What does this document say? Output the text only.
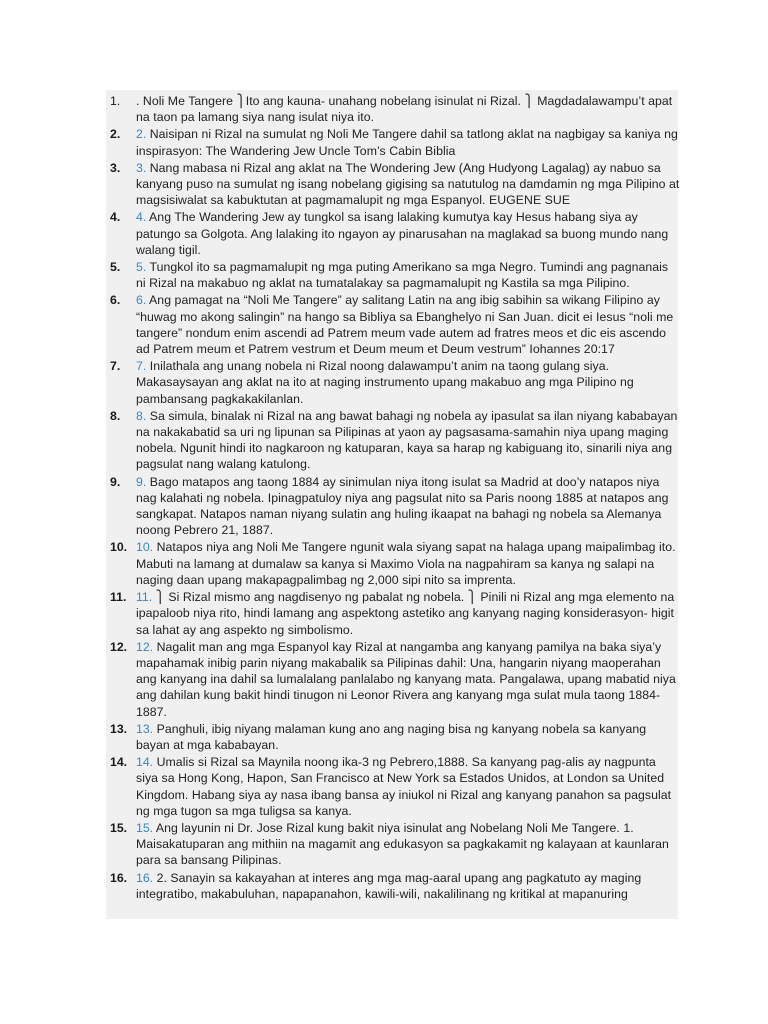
1.	. Noli Me Tangere ⎫Ito ang kauna- unahang nobelang isinulat ni Rizal. ⎫ Magdadalawampu’t apat na taon pa lamang siya nang isulat niya ito.
2.	2. Naisipan ni Rizal na sumulat ng Noli Me Tangere dahil sa tatlong aklat na nagbigay sa kaniya ng inspirasyon: The Wandering Jew Uncle Tom’s Cabin Biblia
3.	3. Nang mabasa ni Rizal ang aklat na The Wondering Jew (Ang Hudyong Lagalag) ay nabuo sa kanyang puso na sumulat ng isang nobelang gigising sa natutulog na damdamin ng mga Pilipino at magsisiwalat sa kabuktutan at pagmamalupit ng mga Espanyol. EUGENE SUE
4.	4. Ang The Wandering Jew ay tungkol sa isang lalaking kumutya kay Hesus habang siya ay patungo sa Golgota. Ang lalaking ito ngayon ay pinarusahan na maglakad sa buong mundo nang walang tigil.
5.	5. Tungkol ito sa pagmamalupit ng mga puting Amerikano sa mga Negro. Tumindi ang pagnanais ni Rizal na makabuo ng aklat na tumatalakay sa pagmamalupit ng Kastila sa mga Pilipino.
6.	6. Ang pamagat na “Noli Me Tangere” ay salitang Latin na ang ibig sabihin sa wikang Filipino ay “huwag mo akong salingin” na hango sa Bibliya sa Ebanghelyo ni San Juan. dicit ei Iesus “noli me tangere” nondum enim ascendi ad Patrem meum vade autem ad fratres meos et dic eis ascendo ad Patrem meum et Patrem vestrum et Deum meum et Deum vestrum” Iohannes 20:17
7.	7. Inilathala ang unang nobela ni Rizal noong dalawampu’t anim na taong gulang siya. Makasaysayan ang aklat na ito at naging instrumento upang makabuo ang mga Pilipino ng pambansang pagkakakilanlan.
8.	8. Sa simula, binalak ni Rizal na ang bawat bahagi ng nobela ay ipasulat sa ilan niyang kababayan na nakakabatid sa uri ng lipunan sa Pilipinas at yaon ay pagsasama-samahin niya upang maging nobela. Ngunit hindi ito nagkaroon ng katuparan, kaya sa harap ng kabiguang ito, sinarili niya ang pagsulat nang walang katulong.
9.	9. Bago matapos ang taong 1884 ay sinimulan niya itong isulat sa Madrid at doo’y natapos niya nag kalahati ng nobela. Ipinagpatuloy niya ang pagsulat nito sa Paris noong 1885 at natapos ang sangkapat. Natapos naman niyang sulatin ang huling ikaapat na bahagi ng nobela sa Alemanya noong Pebrero 21, 1887.
10. 10. Natapos niya ang Noli Me Tangere ngunit wala siyang sapat na halaga upang maipalimbag ito. Mabuti na lamang at dumalaw sa kanya si Maximo Viola na nagpahiram sa kanya ng salapi na naging daan upang makapagpalimbag ng 2,000 sipi nito sa imprenta.
11. 11. ⎫ Si Rizal mismo ang nagdisenyo ng pabalat ng nobela. ⎫ Pinili ni Rizal ang mga elemento na ipapaloob niya rito, hindi lamang ang aspektong astetiko ang kanyang naging konsiderasyon- higit sa lahat ay ang aspekto ng simbolismo.
12. 12. Nagalit man ang mga Espanyol kay Rizal at nangamba ang kanyang pamilya na baka siya’y mapahamak inibig parin niyang makabalik sa Pilipinas dahil: Una, hangarin niyang maoperahan ang kanyang ina dahil sa lumalalang panlalabo ng kanyang mata. Pangalawa, upang mabatid niya ang dahilan kung bakit hindi tinugon ni Leonor Rivera ang kanyang mga sulat mula taong 1884-1887.
13. 13. Panghuli, ibig niyang malaman kung ano ang naging bisa ng kanyang nobela sa kanyang bayan at mga kababayan.
14. 14. Umalis si Rizal sa Maynila noong ika-3 ng Pebrero,1888. Sa kanyang pag-alis ay nagpunta siya sa Hong Kong, Hapon, San Francisco at New York sa Estados Unidos, at London sa United Kingdom. Habang siya ay nasa ibang bansa ay iniukol ni Rizal ang kanyang panahon sa pagsulat ng mga tugon sa mga tuligsa sa kanya.
15. 15. Ang layunin ni Dr. Jose Rizal kung bakit niya isinulat ang Nobelang Noli Me Tangere. 1. Maisakatuparan ang mithiin na magamit ang edukasyon sa pagkakamit ng kalayaan at kaunlaran para sa bansang Pilipinas.
16. 16. 2. Sanayin sa kakayahan at interes ang mga mag-aaral upang ang pagkatuto ay maging integratibo, makabuluhan, napapanahon, kawili-wili, nakalilinang ng kritikal at mapanuring
